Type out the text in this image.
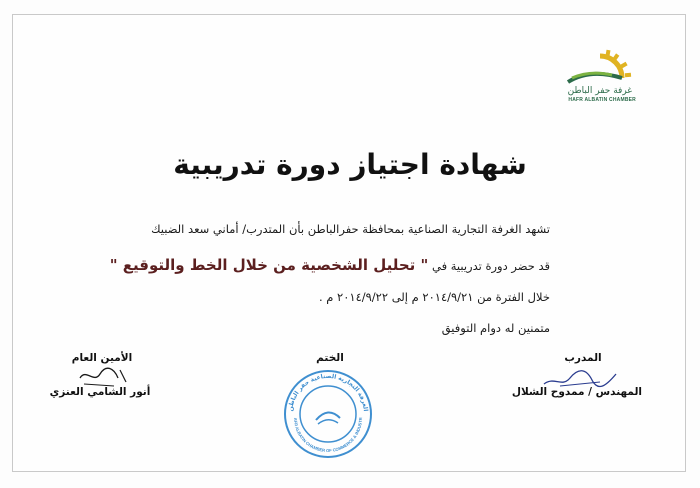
غرفة حفر الباطن
HAFR ALBATIN CHAMBER
شهادة اجتياز دورة تدريبية
تشهد الغرفة التجارية الصناعية بمحافظة حفرالباطن بأن المتدرب/ أماني سعد الضبيك
قد حضر دورة تدريبية في " تحليل الشخصية من خلال الخط والتوقيع "
خلال الفترة من ٢٠١٤/٩/٢١ م إلى ٢٠١٤/٩/٢٢ م .
متمنين له دوام التوفيق
المدرب
المهندس / ممدوح الشلال
الختم
الغرفة التجارية الصناعية حفر الباطن
AFR ALBATIN CHAMBER OF COMMERCE & INDUSTR
الأمين العام
أنور الشامي العنزي
